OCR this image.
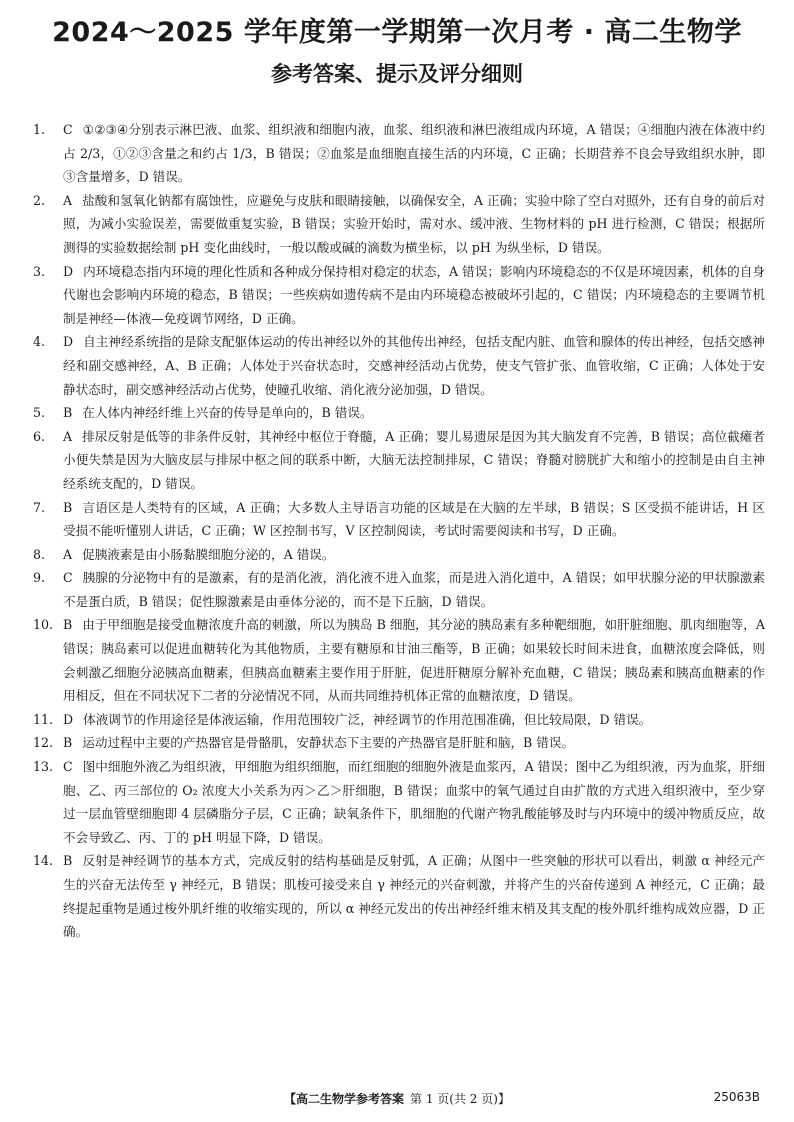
2024～2025 学年度第一学期第一次月考 · 高二生物学
参考答案、提示及评分细则
1. C ①②③④分别表示淋巴液、血浆、组织液和细胞内液，血浆、组织液和淋巴液组成内环境，A 错误；④细胞内液在体液中约占 2/3，①②③含量之和约占 1/3，B 错误；②血浆是血细胞直接生活的内环境，C 正确；长期营养不良会导致组织水肿，即③含量增多，D 错误。
2. A 盐酸和氢氧化钠都有腐蚀性，应避免与皮肤和眼睛接触，以确保安全，A 正确；实验中除了空白对照外，还有自身的前后对照，为减小实验误差，需要做重复实验，B 错误；实验开始时，需对水、缓冲液、生物材料的 pH 进行检测，C 错误；根据所测得的实验数据绘制 pH 变化曲线时，一般以酸或碱的滴数为横坐标，以 pH 为纵坐标，D 错误。
3. D 内环境稳态指内环境的理化性质和各种成分保持相对稳定的状态，A 错误；影响内环境稳态的不仅是环境因素，机体的自身代谢也会影响内环境的稳态，B 错误；一些疾病如遗传病不是由内环境稳态被破坏引起的，C 错误；内环境稳态的主要调节机制是神经—体液—免疫调节网络，D 正确。
4. D 自主神经系统指的是除支配躯体运动的传出神经以外的其他传出神经，包括支配内脏、血管和腺体的传出神经，包括交感神经和副交感神经，A、B 正确；人体处于兴奋状态时，交感神经活动占优势，使支气管扩张、血管收缩，C 正确；人体处于安静状态时，副交感神经活动占优势，使瞳孔收缩、消化液分泌加强，D 错误。
5. B 在人体内神经纤维上兴奋的传导是单向的，B 错误。
6. A 排尿反射是低等的非条件反射，其神经中枢位于脊髓，A 正确；婴儿易遗尿是因为其大脑发育不完善，B 错误；高位截瘫者小便失禁是因为大脑皮层与排尿中枢之间的联系中断，大脑无法控制排尿，C 错误；脊髓对膀胱扩大和缩小的控制是由自主神经系统支配的，D 错误。
7. B 言语区是人类特有的区域，A 正确；大多数人主导语言功能的区域是在大脑的左半球，B 错误；S 区受损不能讲话，H 区受损不能听懂别人讲话，C 正确；W 区控制书写，V 区控制阅读，考试时需要阅读和书写，D 正确。
8. A 促胰液素是由小肠黏膜细胞分泌的，A 错误。
9. C 胰腺的分泌物中有的是激素，有的是消化液，消化液不进入血浆，而是进入消化道中，A 错误；如甲状腺分泌的甲状腺激素不是蛋白质，B 错误；促性腺激素是由垂体分泌的，而不是下丘脑，D 错误。
10. B 由于甲细胞是接受血糖浓度升高的刺激，所以为胰岛 B 细胞，其分泌的胰岛素有多种靶细胞，如肝脏细胞、肌肉细胞等，A 错误；胰岛素可以促进血糖转化为其他物质，主要有糖原和甘油三酯等，B 正确；如果较长时间未进食，血糖浓度会降低，则会刺激乙细胞分泌胰高血糖素，但胰高血糖素主要作用于肝脏，促进肝糖原分解补充血糖，C 错误；胰岛素和胰高血糖素的作用相反，但在不同状况下二者的分泌情况不同，从而共同维持机体正常的血糖浓度，D 错误。
11. D 体液调节的作用途径是体液运输，作用范围较广泛，神经调节的作用范围准确，但比较局限，D 错误。
12. B 运动过程中主要的产热器官是骨骼肌，安静状态下主要的产热器官是肝脏和脑，B 错误。
13. C 图中细胞外液乙为组织液，甲细胞为组织细胞，而红细胞的细胞外液是血浆丙，A 错误；图中乙为组织液，丙为血浆，肝细胞、乙、丙三部位的 O₂ 浓度大小关系为丙＞乙＞肝细胞，B 错误；血浆中的氧气通过自由扩散的方式进入组织液中，至少穿过一层血管壁细胞即 4 层磷脂分子层，C 正确；缺氧条件下，肌细胞的代谢产物乳酸能够及时与内环境中的缓冲物质反应，故不会导致乙、丙、丁的 pH 明显下降，D 错误。
14. B 反射是神经调节的基本方式，完成反射的结构基础是反射弧，A 正确；从图中一些突触的形状可以看出，刺激 α 神经元产生的兴奋无法传至 γ 神经元，B 错误；肌梭可接受来自 γ 神经元的兴奋刺激，并将产生的兴奋传递到 A 神经元，C 正确；最终提起重物是通过梭外肌纤维的收缩实现的，所以 α 神经元发出的传出神经纤维末梢及其支配的梭外肌纤维构成效应器，D 正确。
【高二生物学参考答案 第 1 页(共 2 页)】	25063B
